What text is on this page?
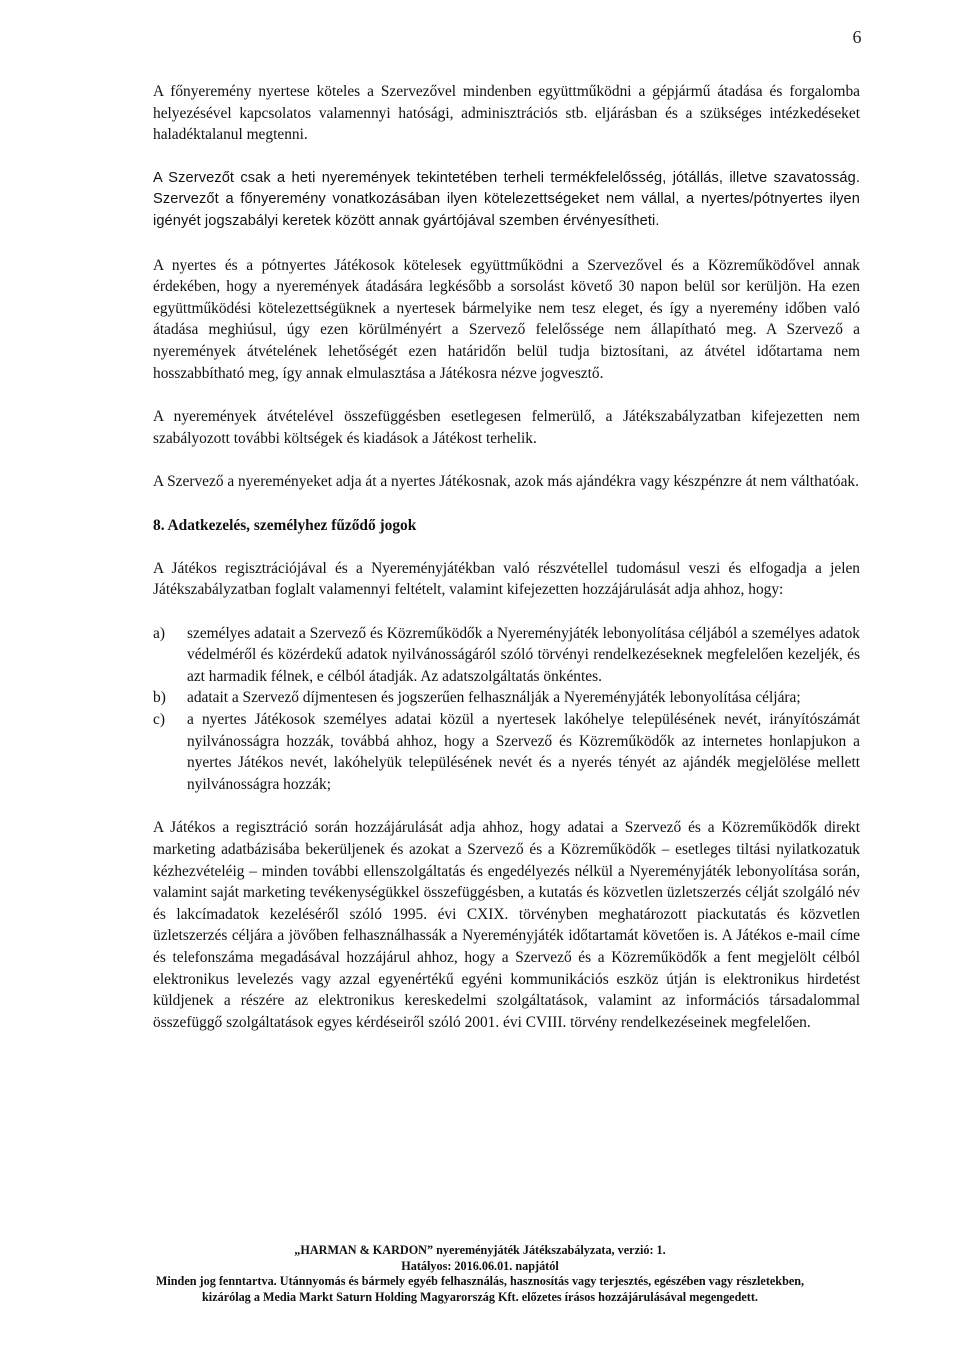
6

A főnyeremény nyertese köteles a Szervezővel mindenben együttműködni a gépjármű átadása és forgalomba helyezésével kapcsolatos valamennyi hatósági, adminisztrációs stb. eljárásban és a szükséges intézkedéseket haladéktalanul megtenni.

A Szervezőt csak a heti nyeremények tekintetében terheli termékfelelősség, jótállás, illetve szavatosság. Szervezőt a főnyeremény vonatkozásában ilyen kötelezettségeket nem vállal, a nyertes/pótnyertes ilyen igényét jogszabályi keretek között annak gyártójával szemben érvényesítheti.

A nyertes és a pótnyertes Játékosok kötelesek együttműködni a Szervezővel és a Közreműködővel annak érdekében, hogy a nyeremények átadására legkésőbb a sorsolást követő 30 napon belül sor kerüljön. Ha ezen együttműködési kötelezettségüknek a nyertesek bármelyike nem tesz eleget, és így a nyeremény időben való átadása meghiúsul, úgy ezen körülményért a Szervező felelőssége nem állapítható meg. A Szervező a nyeremények átvételének lehetőségét ezen határidőn belül tudja biztosítani, az átvétel időtartama nem hosszabbítható meg, így annak elmulasztása a Játékosra nézve jogvesztő.

A nyeremények átvételével összefüggésben esetlegesen felmerülő, a Játékszabályzatban kifejezetten nem szabályozott további költségek és kiadások a Játékost terhelik.

A Szervező a nyereményeket adja át a nyertes Játékosnak, azok más ajándékra vagy készpénzre át nem válthatóak.

8. Adatkezelés, személyhez fűződő jogok

A Játékos regisztrációjával és a Nyereményjátékban való részvétellel tudomásul veszi és elfogadja a jelen Játékszabályzatban foglalt valamennyi feltételt, valamint kifejezetten hozzájárulását adja ahhoz, hogy:

a) személyes adatait a Szervező és Közreműködők a Nyereményjáték lebonyolítása céljából a személyes adatok védelméről és közérdekű adatok nyilvánosságáról szóló törvényi rendelkezéseknek megfelelően kezeljék, és azt harmadik félnek, e célból átadják. Az adatszolgáltatás önkéntes.
b) adatait a Szervező díjmentesen és jogszerűen felhasználják a Nyereményjáték lebonyolítása céljára;
c) a nyertes Játékosok személyes adatai közül a nyertesek lakóhelye településének nevét, irányítószámát nyilvánosságra hozzák, továbbá ahhoz, hogy a Szervező és Közreműködők az internetes honlapjukon a nyertes Játékos nevét, lakóhelyük településének nevét és a nyerés tényét az ajándék megjelölése mellett nyilvánosságra hozzák;

A Játékos a regisztráció során hozzájárulását adja ahhoz, hogy adatai a Szervező és a Közreműködők direkt marketing adatbázisába bekerüljenek és azokat a Szervező és a Közreműködők – esetleges tiltási nyilatkozatuk kézhezvételéig – minden további ellenszolgáltatás és engedélyezés nélkül a Nyereményjáték lebonyolítása során, valamint saját marketing tevékenységükkel összefüggésben, a kutatás és közvetlen üzletszerzés célját szolgáló név és lakcímadatok kezeléséről szóló 1995. évi CXIX. törvényben meghatározott piackutatás és közvetlen üzletszerzés céljára a jövőben felhasználhassák a Nyereményjáték időtartamát követően is. A Játékos e-mail címe és telefonszáma megadásával hozzájárul ahhoz, hogy a Szervező és a Közreműködők a fent megjelölt célból elektronikus levelezés vagy azzal egyenértékű egyéni kommunikációs eszköz útján is elektronikus hirdetést küldjenek a részére az elektronikus kereskedelmi szolgáltatások, valamint az információs társadalommal összefüggő szolgáltatások egyes kérdéseiről szóló 2001. évi CVIII. törvény rendelkezéseinek megfelelően.

„HARMAN & KARDON” nyereményjáték Játékszabályzata, verzió: 1.
Hatályos: 2016.06.01. napjától
Minden jog fenntartva. Utánnyomás és bármely egyéb felhasználás, hasznosítás vagy terjesztés, egészében vagy részletekben,
kizárólag a Media Markt Saturn Holding Magyarország Kft. előzetes írásos hozzájárulásával megengedett.
